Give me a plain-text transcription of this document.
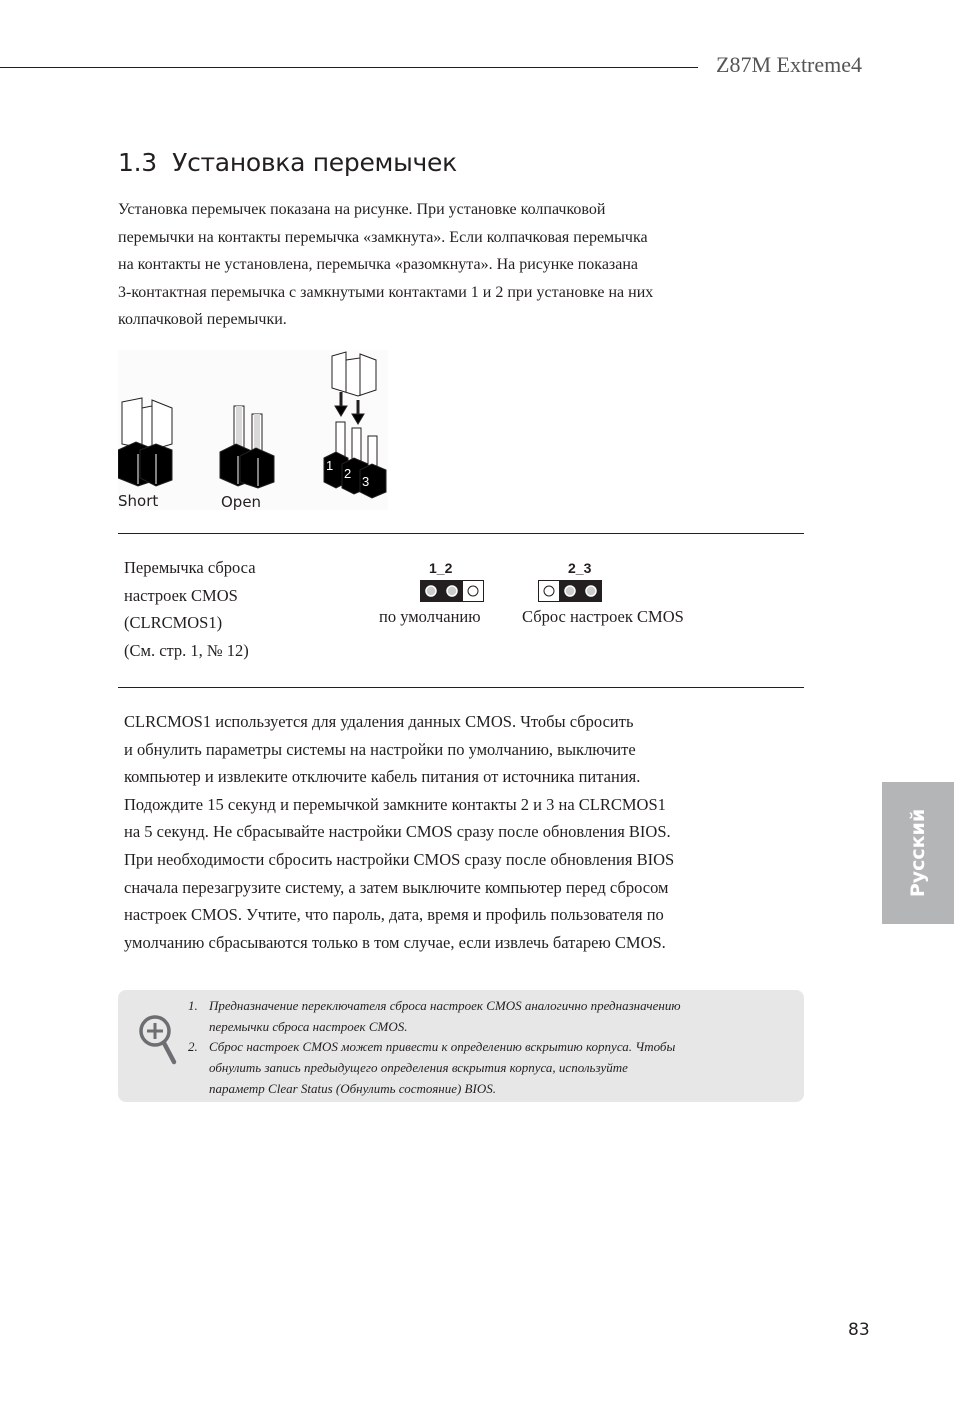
Z87M Extreme4
1.3 Установка перемычек

Установка перемычек показана на рисунке. При установке колпачковой
перемычки на контакты перемычка «замкнута». Если колпачковая перемычка
на контакты не установлена, перемычка «разомкнута». На рисунке показана
3-контактная перемычка с замкнутыми контактами 1 и 2 при установке на них
колпачковой перемычки.

1
2
3
Short	Open

Перемычка сброса
настроек CMOS
(CLRCMOS1)
(См. стр. 1, № 12)

1_2
по умолчанию
2_3
Сброс настроек CMOS

CLRCMOS1 используется для удаления данных CMOS. Чтобы сбросить
и обнулить параметры системы на настройки по умолчанию, выключите
компьютер и извлеките отключите кабель питания от источника питания.
Подождите 15 секунд и перемычкой замкните контакты 2 и 3 на CLRCMOS1
на 5 секунд. Не сбрасывайте настройки CMOS сразу после обновления BIOS.
При необходимости сбросить настройки CMOS сразу после обновления BIOS
сначала перезагрузите систему, а затем выключите компьютер перед сбросом
настроек CMOS. Учтите, что пароль, дата, время и профиль пользователя по
умолчанию сбрасываются только в том случае, если извлечь батарею CMOS.

1. Предназначение переключателя сброса настроек CMOS аналогично предназначению
перемычки сброса настроек CMOS.
2. Сброс настроек CMOS может привести к определению вскрытию корпуса. Чтобы
обнулить запись предыдущего определения вскрытия корпуса, используйте
параметр Clear Status (Обнулить состояние) BIOS.
Русский
83
